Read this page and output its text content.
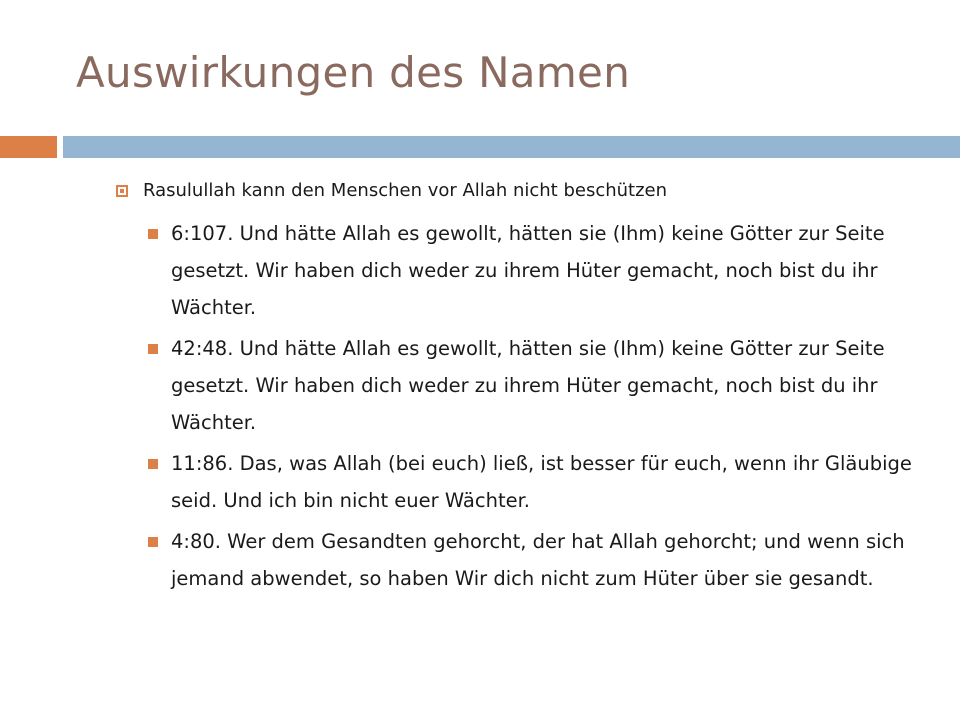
Auswirkungen des Namen
Rasulullah kann den Menschen vor Allah nicht beschützen
6:107. Und hätte Allah es gewollt, hätten sie (Ihm) keine Götter zur Seite gesetzt. Wir haben dich weder zu ihrem Hüter gemacht, noch bist du ihr Wächter.
42:48. Und hätte Allah es gewollt, hätten sie (Ihm) keine Götter zur Seite gesetzt. Wir haben dich weder zu ihrem Hüter gemacht, noch bist du ihr Wächter.
11:86. Das, was Allah (bei euch) ließ, ist besser für euch, wenn ihr Gläubige seid. Und ich bin nicht euer Wächter.
4:80. Wer dem Gesandten gehorcht, der hat Allah gehorcht; und wenn sich jemand abwendet, so haben Wir dich nicht zum Hüter über sie gesandt.
